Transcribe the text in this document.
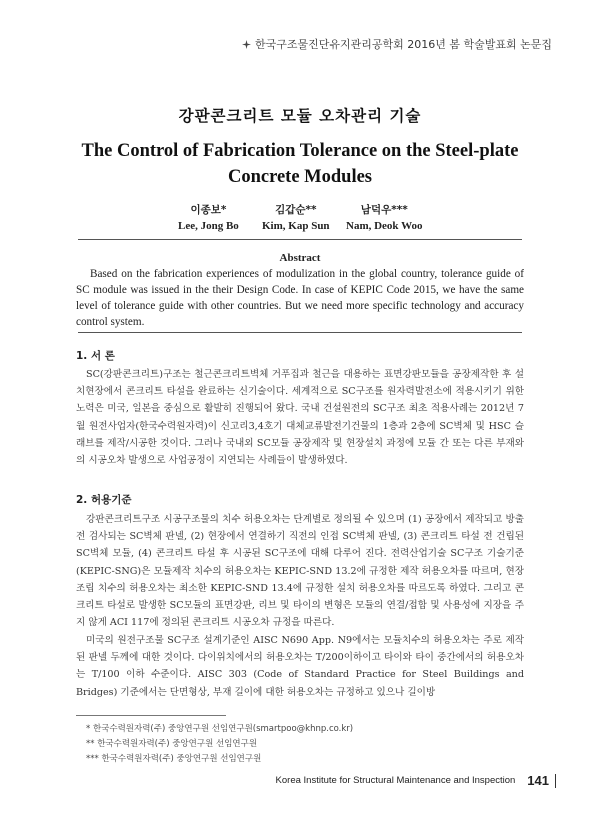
한국구조물진단유지관리공학회 2016년 봄 학술발표회 논문집
강판콘크리트 모듈 오차관리 기술
The Control of Fabrication Tolerance on the Steel-plate Concrete Modules
이종보*
Lee, Jong Bo
김갑순**
Kim, Kap Sun
남덕우***
Nam, Deok Woo
Abstract
Based on the fabrication experiences of modulization in the global country, tolerance guide of SC module was issued in the their Design Code. In case of KEPIC Code 2015, we have the same level of tolerance guide with other countries. But we need more specific technology and accuracy control system.
1. 서 론
SC(강판콘크리트)구조는 철근콘크리트벽체 거푸집과 철근을 대용하는 표면강판모듈을 공장제작한 후 설치현장에서 콘크리트 타설을 완료하는 신기술이다. 세계적으로 SC구조를 원자력발전소에 적용시키기 위한 노력은 미국, 일본을 중심으로 활발히 진행되어 왔다. 국내 건설원전의 SC구조 최초 적용사례는 2012년 7월 원전사업자(한국수력원자력)이 신고리3,4호기 대체교류발전기건물의 1층과 2층에 SC벽체 및 HSC 슬래브를 제작/시공한 것이다. 그러나 국내외 SC모듈 공장제작 및 현장설치 과정에 모듈 간 또는 다른 부재와의 시공오차 발생으로 사업공정이 지연되는 사례들이 발생하였다.
2. 허용기준
강판콘크리트구조 시공구조물의 치수 허용오차는 단계별로 정의될 수 있으며 (1) 공장에서 제작되고 방출전 검사되는 SC벽체 판넬, (2) 현장에서 연결하기 직전의 인접 SC벽체 판넬, (3) 콘크리트 타설 전 건립된 SC벽체 모듈, (4) 콘크리트 타설 후 시공된 SC구조에 대해 다루어 진다. 전력산업기술 SC구조 기술기준(KEPIC-SNG)은 모듈제작 치수의 허용오차는 KEPIC-SND 13.2에 규정한 제작 허용오차를 따르며, 현장조립 치수의 허용오차는 최소한 KEPIC-SND 13.4에 규정한 설치 허용오차를 따르도록 하였다. 그리고 콘크리트 타설로 발생한 SC모듈의 표면강판, 리브 및 타이의 변형은 모듈의 연결/접합 및 사용성에 지장을 주지 않게 ACI 117에 정의된 콘크리트 시공오차 규정을 따른다.
미국의 원전구조물 SC구조 설계기준인 AISC N690 App. N9에서는 모듈치수의 허용오차는 주로 제작된 판넬 두께에 대한 것이다. 다이위치에서의 허용오차는 T/200이하이고 타이와 타이 중간에서의 허용오차는 T/100 이하 수준이다. AISC 303 (Code of Standard Practice for Steel Buildings and Bridges) 기준에서는 단면형상, 부재 길이에 대한 허용오차는 규정하고 있으나 길이방
* 한국수력원자력(주) 중앙연구원 선임연구원(smartpoo@khnp.co.kr)
** 한국수력원자력(주) 중앙연구원 선임연구원
*** 한국수력원자력(주) 중앙연구원 선임연구원
Korea Institute for Structural Maintenance and Inspection 141
